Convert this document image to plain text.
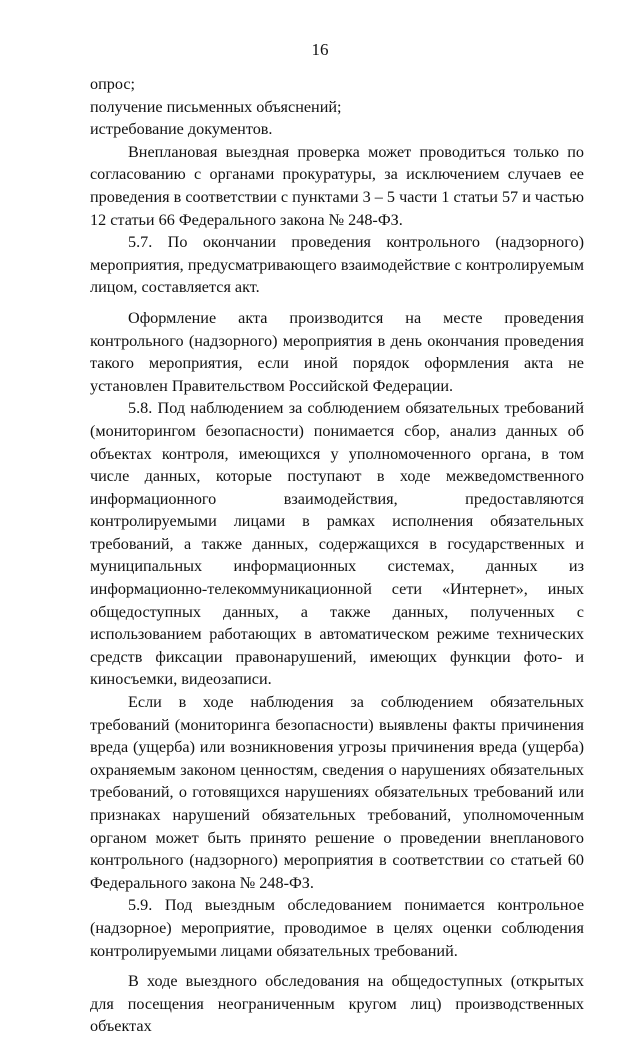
16

опрос;

получение письменных объяснений;

истребование документов.

Внеплановая выездная проверка может проводиться только по согласованию с органами прокуратуры, за исключением случаев ее проведения в соответствии с пунктами 3 – 5 части 1 статьи 57 и частью 12 статьи 66 Федерального закона № 248-ФЗ.

5.7. По окончании проведения контрольного (надзорного) мероприятия, предусматривающего взаимодействие с контролируемым лицом, составляется акт.

Оформление акта производится на месте проведения контрольного (надзорного) мероприятия в день окончания проведения такого мероприятия, если иной порядок оформления акта не установлен Правительством Российской Федерации.

5.8. Под наблюдением за соблюдением обязательных требований (мониторингом безопасности) понимается сбор, анализ данных об объектах контроля, имеющихся у уполномоченного органа, в том числе данных, которые поступают в ходе межведомственного информационного взаимодействия, предоставляются контролируемыми лицами в рамках исполнения обязательных требований, а также данных, содержащихся в государственных и муниципальных информационных системах, данных из информационно-телекоммуникационной сети «Интернет», иных общедоступных данных, а также данных, полученных с использованием работающих в автоматическом режиме технических средств фиксации правонарушений, имеющих функции фото- и киносъемки, видеозаписи.

Если в ходе наблюдения за соблюдением обязательных требований (мониторинга безопасности) выявлены факты причинения вреда (ущерба) или возникновения угрозы причинения вреда (ущерба) охраняемым законом ценностям, сведения о нарушениях обязательных требований, о готовящихся нарушениях обязательных требований или признаках нарушений обязательных требований, уполномоченным органом может быть принято решение о проведении внепланового контрольного (надзорного) мероприятия в соответствии со статьей 60 Федерального закона № 248-ФЗ.

5.9. Под выездным обследованием понимается контрольное (надзорное) мероприятие, проводимое в целях оценки соблюдения контролируемыми лицами обязательных требований.

В ходе выездного обследования на общедоступных (открытых для посещения неограниченным кругом лиц) производственных объектах
